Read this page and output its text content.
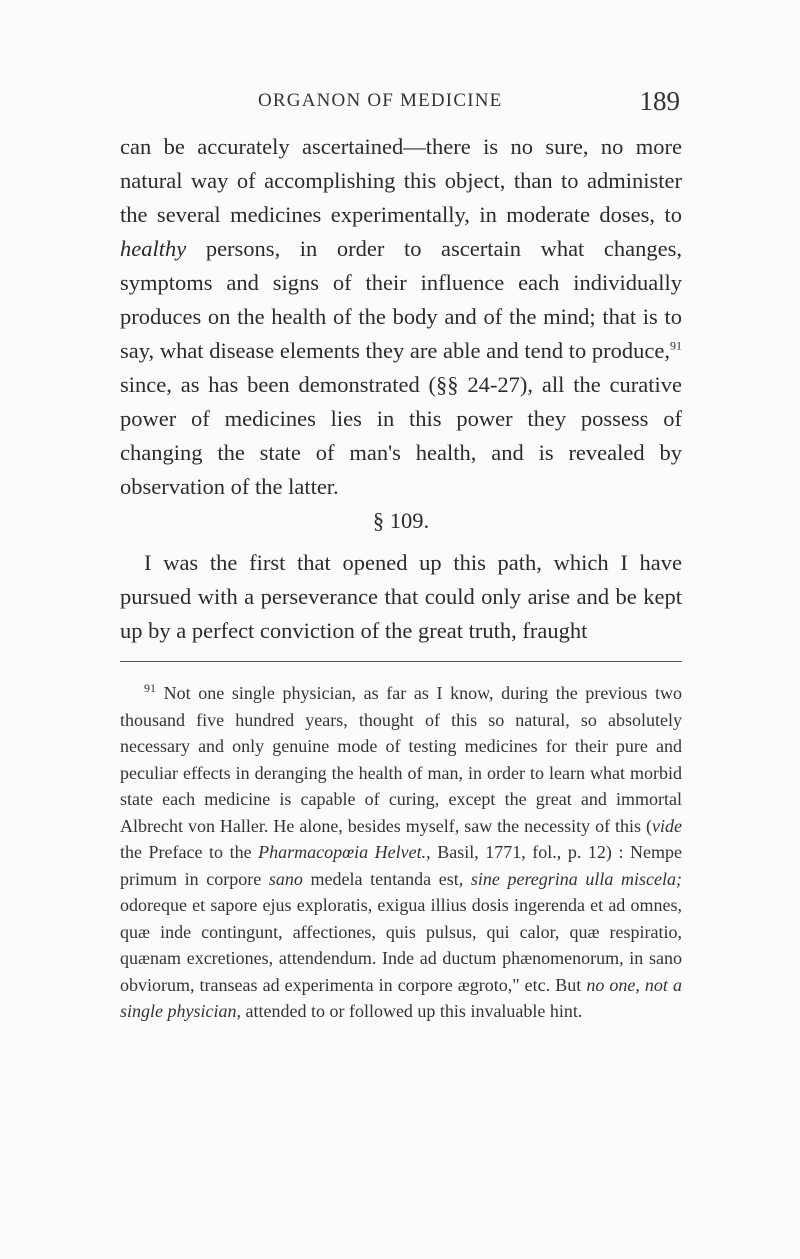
ORGANON OF MEDICINE	189

can be accurately ascertained—there is no sure, no more natural way of accomplishing this object, than to administer the several medicines experimentally, in moderate doses, to healthy persons, in order to ascertain what changes, symptoms and signs of their influence each individually produces on the health of the body and of the mind; that is to say, what disease elements they are able and tend to produce,$^{91}$ since, as has been demonstrated (§§ 24-27), all the curative power of medicines lies in this power they possess of changing the state of man's health, and is revealed by observation of the latter.

§ 109.

I was the first that opened up this path, which I have pursued with a perseverance that could only arise and be kept up by a perfect conviction of the great truth, fraught

$^{91}$ Not one single physician, as far as I know, during the previous two thousand five hundred years, thought of this so natural, so absolutely necessary and only genuine mode of testing medicines for their pure and peculiar effects in deranging the health of man, in order to learn what morbid state each medicine is capable of curing, except the great and immortal Albrecht von Haller. He alone, besides myself, saw the necessity of this (vide the Preface to the Pharmacopœia Helvet., Basil, 1771, fol., p. 12) : Nempe primum in corpore sano medela tentanda est, sine peregrina ulla miscela; odoreque et sapore ejus exploratis, exigua illius dosis ingerenda et ad omnes, quæ inde contingunt, affectiones, quis pulsus, qui calor, quæ respiratio, quænam excretiones, attendendum. Inde ad ductum phænomenorum, in sano obviorum, transeas ad experimenta in corpore ægroto," etc. But no one, not a single physician, attended to or followed up this invaluable hint.
